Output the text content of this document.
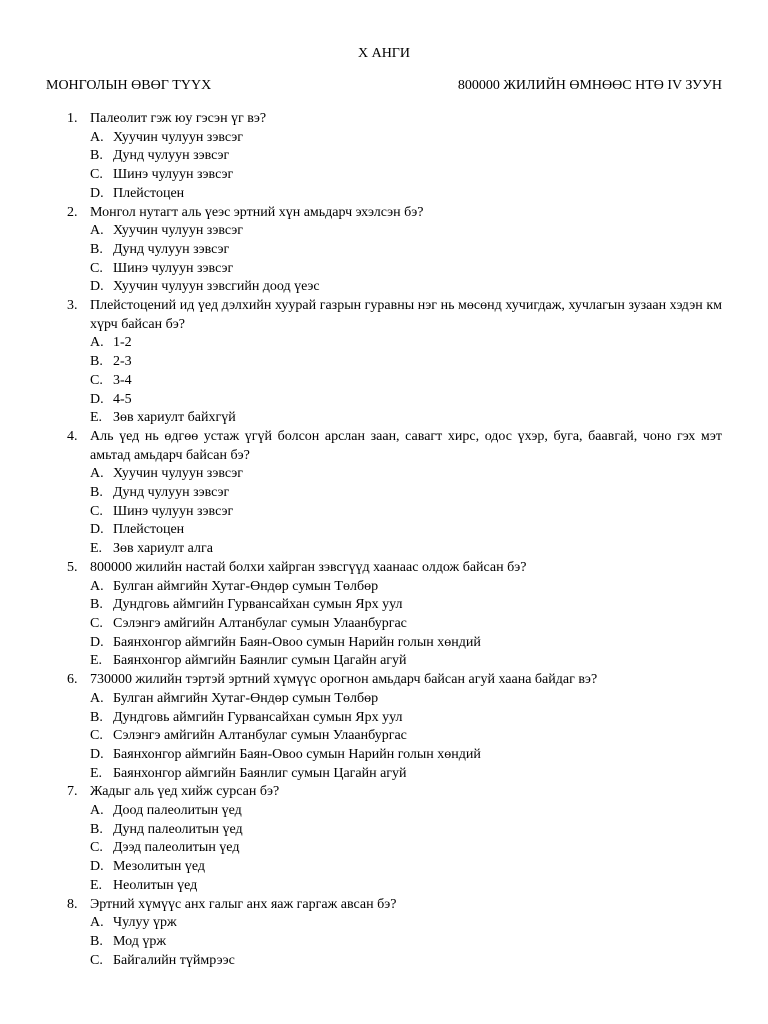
X АНГИ
МОНГОЛЫН ӨВӨГ ТҮҮХ	800000 ЖИЛИЙН ӨМНӨӨС НТӨ IV ЗУУН
1. Палеолит гэж юу гэсэн үг вэ?
A. Хуучин чулуун зэвсэг
B. Дунд чулуун зэвсэг
C. Шинэ чулуун зэвсэг
D. Плейстоцен
2. Монгол нутагт аль үеэс эртний хүн амьдарч эхэлсэн бэ?
A. Хуучин чулуун зэвсэг
B. Дунд чулуун зэвсэг
C. Шинэ чулуун зэвсэг
D. Хуучин чулуун зэвсгийн доод үеэс
3. Плейстоцений ид үед дэлхийн хуурай газрын гуравны нэг нь мөсөнд хучигдаж, хучлагын зузаан хэдэн км хүрч байсан бэ?
A. 1-2
B. 2-3
C. 3-4
D. 4-5
E. Зөв хариулт байхгүй
4. Аль үед нь өдгөө устаж үгүй болсон арслан заан, савагт хирс, одос үхэр, буга, баавгай, чоно гэх мэт амьтад амьдарч байсан бэ?
A. Хуучин чулуун зэвсэг
B. Дунд чулуун зэвсэг
C. Шинэ чулуун зэвсэг
D. Плейстоцен
E. Зөв хариулт алга
5. 800000 жилийн настай болхи хайрган зэвсгүүд хаанаас олдож байсан бэ?
A. Булган аймгийн Хутаг-Өндөр сумын Төлбөр
B. Дундговь аймгийн Гурвансайхан сумын Ярх уул
C. Сэлэнгэ амйгийн Алтанбулаг сумын Улаанбургас
D. Баянхонгор аймгийн Баян-Овоо сумын Нарийн голын хөндий
E. Баянхонгор аймгийн Баянлиг сумын Цагайн агуй
6. 730000 жилийн тэртэй эртний хүмүүс орогнон амьдарч байсан агуй хаана байдаг вэ?
A. Булган аймгийн Хутаг-Өндөр сумын Төлбөр
B. Дундговь аймгийн Гурвансайхан сумын Ярх уул
C. Сэлэнгэ амйгийн Алтанбулаг сумын Улаанбургас
D. Баянхонгор аймгийн Баян-Овоо сумын Нарийн голын хөндий
E. Баянхонгор аймгийн Баянлиг сумын Цагайн агуй
7. Жадыг аль үед хийж сурсан бэ?
A. Доод палеолитын үед
B. Дунд палеолитын үед
C. Дээд палеолитын үед
D. Мезолитын үед
E. Неолитын үед
8. Эртний хүмүүс анх галыг анх яаж гаргаж авсан бэ?
A. Чулуу үрж
B. Мод үрж
C. Байгалийн түймрээс
